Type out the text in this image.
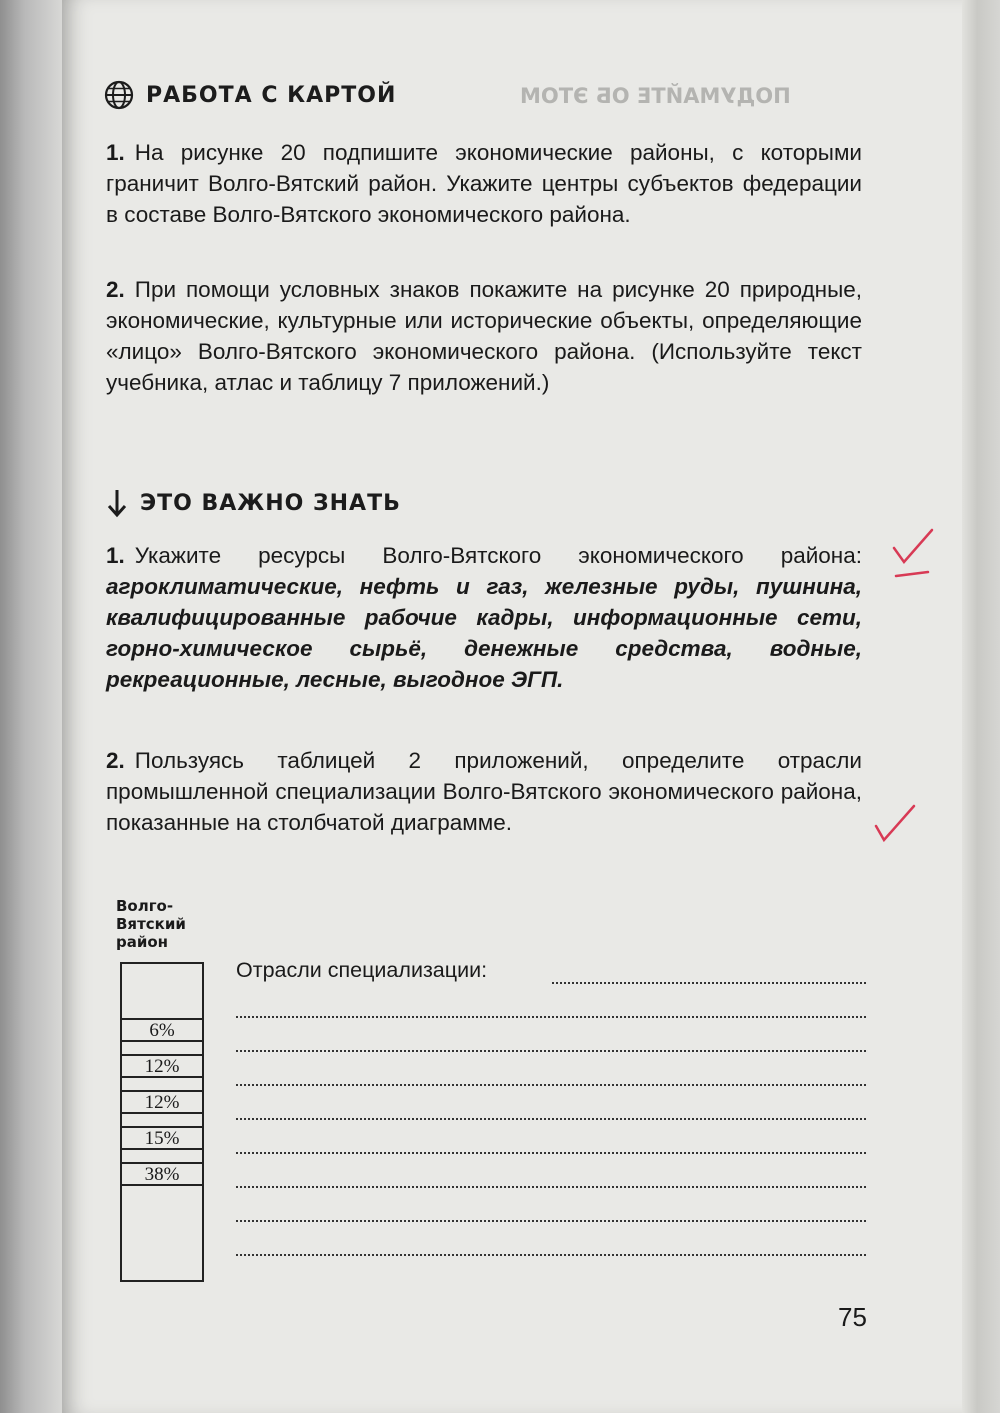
ПОДУМАЙТЕ ОБ ЭТОМ
РАБОТА С КАРТОЙ
1. На рисунке 20 подпишите экономические районы, с которыми граничит Волго-Вятский район. Укажите центры субъектов федерации в составе Волго-Вятского экономического района.
2. При помощи условных знаков покажите на рисунке 20 природные, экономические, культурные или исторические объекты, определяющие «лицо» Волго-Вятского экономического района. (Используйте текст учебника, атлас и таблицу 7 приложений.)
ЭТО ВАЖНО ЗНАТЬ
1. Укажите ресурсы Волго-Вятского экономического района: агроклиматические, нефть и газ, железные руды, пушнина, квалифицированные рабочие кадры, информационные сети, горно-химическое сырьё, денежные средства, водные, рекреационные, лесные, выгодное ЭГП.
2. Пользуясь таблицей 2 приложений, определите отрасли промышленной специализации Волго-Вятского экономического района, показанные на столбчатой диаграмме.
Волго-Вятский район
6%
12%
12%
15%
38%
Отрасли специализации:
75
